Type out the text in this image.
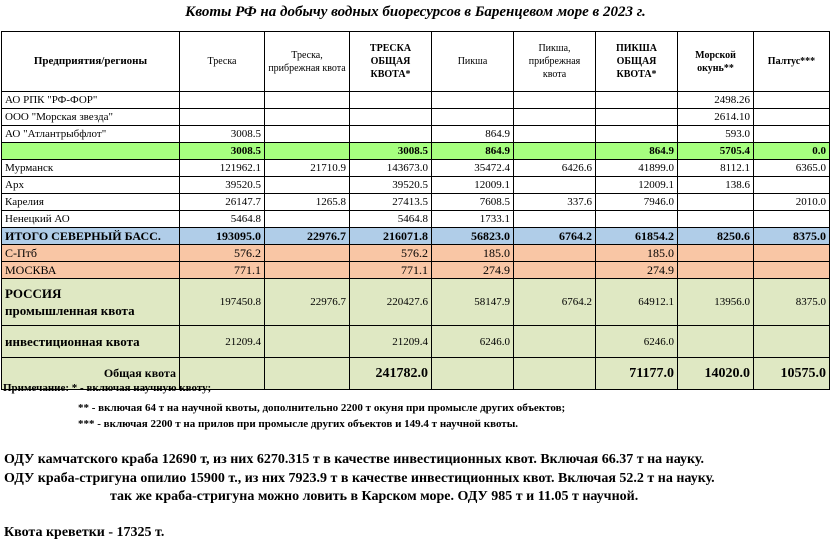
Квоты РФ на добычу водных биоресурсов в Баренцевом море в 2023 г.
Предприятия/регионы	Треска	Треска, прибрежная квота	ТРЕСКА ОБЩАЯ КВОТА*	Пикша	Пикша, прибрежная квота	ПИКША ОБЩАЯ КВОТА*	Морской окунь**	Палтус***
АО РПК "РФ-ФОР"							2498.26	
ООО "Морская звезда"							2614.10	
АО "Атлантрыбфлот"	3008.5			864.9			593.0	
	3008.5		3008.5	864.9		864.9	5705.4	0.0
Мурманск	121962.1	21710.9	143673.0	35472.4	6426.6	41899.0	8112.1	6365.0
Арх	39520.5		39520.5	12009.1		12009.1	138.6	
Карелия	26147.7	1265.8	27413.5	7608.5	337.6	7946.0		2010.0
Ненецкий АО	5464.8		5464.8	1733.1				
ИТОГО СЕВЕРНЫЙ БАСС.	193095.0	22976.7	216071.8	56823.0	6764.2	61854.2	8250.6	8375.0
С-Птб	576.2		576.2	185.0		185.0		
МОСКВА	771.1		771.1	274.9		274.9		

РОССИЯ
промышленная квота	197450.8	22976.7	220427.6	58147.9	6764.2	64912.1	13956.0	8375.0
инвестиционная квота	21209.4		21209.4	6246.0		6246.0		
Общая квота			241782.0			71177.0	14020.0	10575.0
Примечание: * - включая научную квоту;
** - включая 64 т на научной квоты, дополнительно 2200 т окуня при промысле других объектов;
*** - включая 2200 т на прилов при промысле других объектов и 149.4 т научной квоты.
ОДУ камчатского краба 12690 т, из них 6270.315 т в качестве инвестиционных квот. Включая 66.37 т на науку.
ОДУ краба-стригуна опилио 15900 т., из них 7923.9 т в качестве инвестиционных квот. Включая 52.2 т на науку.
так же краба-стригуна можно ловить в Карском море. ОДУ 985 т и 11.05 т научной.
Квота креветки - 17325 т.
